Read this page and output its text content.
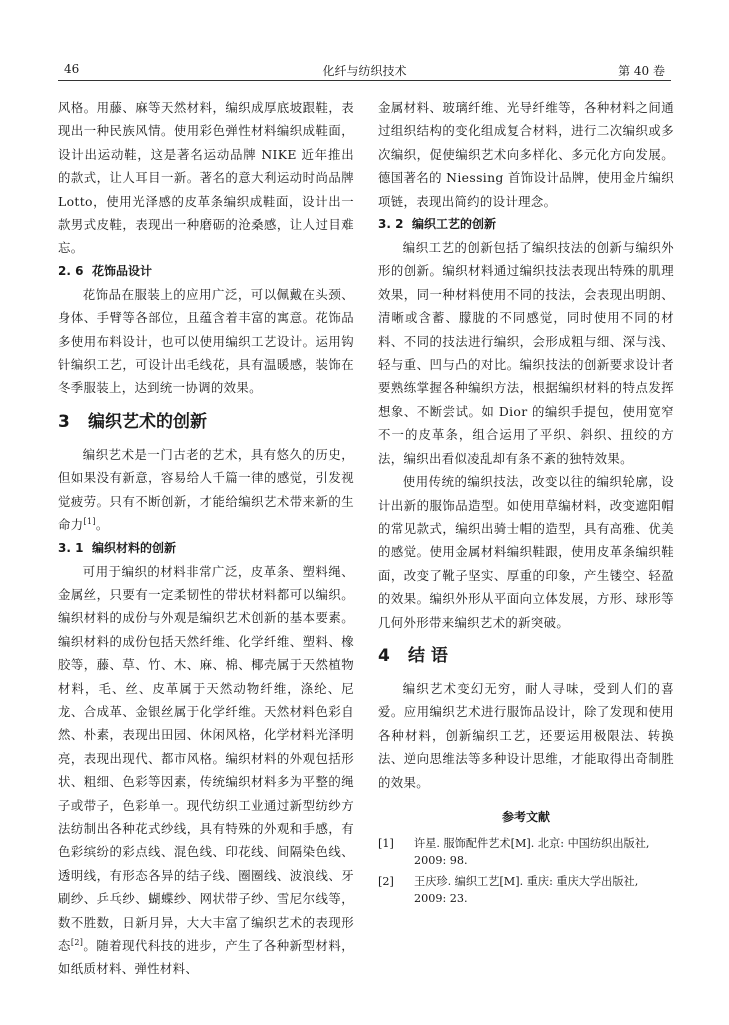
46	化纤与纺织技术	第 40 卷

风格。用藤、麻等天然材料，编织成厚底坡跟鞋，表现出一种民族风情。使用彩色弹性材料编织成鞋面，设计出运动鞋，这是著名运动品牌 NIKE 近年推出的款式，让人耳目一新。著名的意大利运动时尚品牌 Lotto，使用光泽感的皮革条编织成鞋面，设计出一款男式皮鞋，表现出一种磨砺的沧桑感，让人过目难忘。

2. 6 花饰品设计

花饰品在服装上的应用广泛，可以佩戴在头颈、身体、手臂等各部位，且蕴含着丰富的寓意。花饰品多使用布料设计，也可以使用编织工艺设计。运用钩针编织工艺，可设计出毛线花，具有温暖感，装饰在冬季服装上，达到统一协调的效果。

3 编织艺术的创新

编织艺术是一门古老的艺术，具有悠久的历史，但如果没有新意，容易给人千篇一律的感觉，引发视觉疲劳。只有不断创新，才能给编织艺术带来新的生命力[1]。

3. 1 编织材料的创新

可用于编织的材料非常广泛，皮革条、塑料绳、金属丝，只要有一定柔韧性的带状材料都可以编织。编织材料的成份与外观是编织艺术创新的基本要素。编织材料的成份包括天然纤维、化学纤维、塑料、橡胶等，藤、草、竹、木、麻、棉、椰壳属于天然植物材料，毛、丝、皮革属于天然动物纤维，涤纶、尼龙、合成革、金银丝属于化学纤维。天然材料色彩自然、朴素，表现出田园、休闲风格，化学材料光泽明亮，表现出现代、都市风格。编织材料的外观包括形状、粗细、色彩等因素，传统编织材料多为平整的绳子或带子，色彩单一。现代纺织工业通过新型纺纱方法纺制出各种花式纱线，具有特殊的外观和手感，有色彩缤纷的彩点线、混色线、印花线、间隔染色线、透明线，有形态各异的结子线、圈圈线、波浪线、牙刷纱、乒乓纱、蝴蝶纱、网状带子纱、雪尼尔线等，数不胜数，日新月异，大大丰富了编织艺术的表现形态[2]。随着现代科技的进步，产生了各种新型材料，如纸质材料、弹性材料、

金属材料、玻璃纤维、光导纤维等，各种材料之间通过组织结构的变化组成复合材料，进行二次编织或多次编织，促使编织艺术向多样化、多元化方向发展。德国著名的 Niessing 首饰设计品牌，使用金片编织项链，表现出简约的设计理念。

3. 2 编织工艺的创新

编织工艺的创新包括了编织技法的创新与编织外形的创新。编织材料通过编织技法表现出特殊的肌理效果，同一种材料使用不同的技法，会表现出明朗、清晰或含蓄、朦胧的不同感觉，同时使用不同的材料、不同的技法进行编织，会形成粗与细、深与浅、轻与重、凹与凸的对比。编织技法的创新要求设计者要熟练掌握各种编织方法，根据编织材料的特点发挥想象、不断尝试。如 Dior 的编织手提包，使用宽窄不一的皮革条，组合运用了平织、斜织、扭绞的方法，编织出看似凌乱却有条不紊的独特效果。

使用传统的编织技法，改变以往的编织轮廓，设计出新的服饰品造型。如使用草编材料，改变遮阳帽的常见款式，编织出骑士帽的造型，具有高雅、优美的感觉。使用金属材料编织鞋跟，使用皮革条编织鞋面，改变了靴子坚实、厚重的印象，产生镂空、轻盈的效果。编织外形从平面向立体发展，方形、球形等几何外形带来编织艺术的新突破。

4 结 语

编织艺术变幻无穷，耐人寻味，受到人们的喜爱。应用编织艺术进行服饰品设计，除了发现和使用各种材料，创新编织工艺，还要运用极限法、转换法、逆向思维法等多种设计思维，才能取得出奇制胜的效果。

参考文献
[1] 许星. 服饰配件艺术[M]. 北京: 中国纺织出版社, 2009: 98.
[2] 王庆珍. 编织工艺[M]. 重庆: 重庆大学出版社, 2009: 23.
